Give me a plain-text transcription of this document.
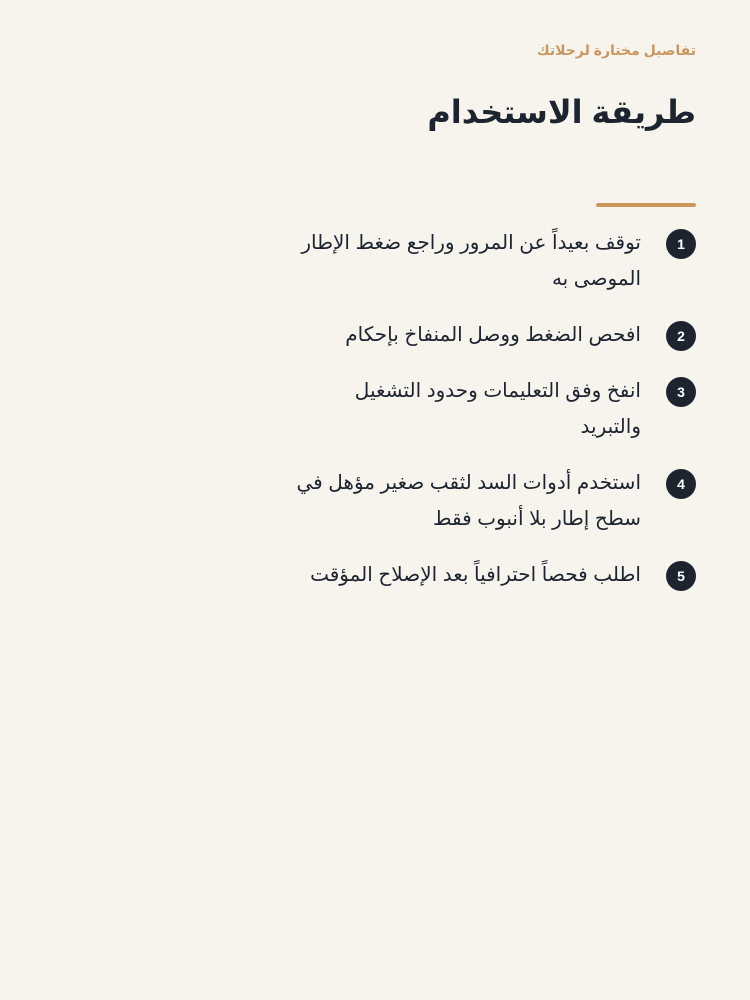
تفاصيل مختارة لرحلاتك
طريقة الاستخدام
1
توقف بعيداً عن المرور وراجع ضغط الإطار الموصى به
2
افحص الضغط ووصل المنفاخ بإحكام
3
انفخ وفق التعليمات وحدود التشغيل والتبريد
4
استخدم أدوات السد لثقب صغير مؤهل في سطح إطار بلا أنبوب فقط
5
اطلب فحصاً احترافياً بعد الإصلاح المؤقت
